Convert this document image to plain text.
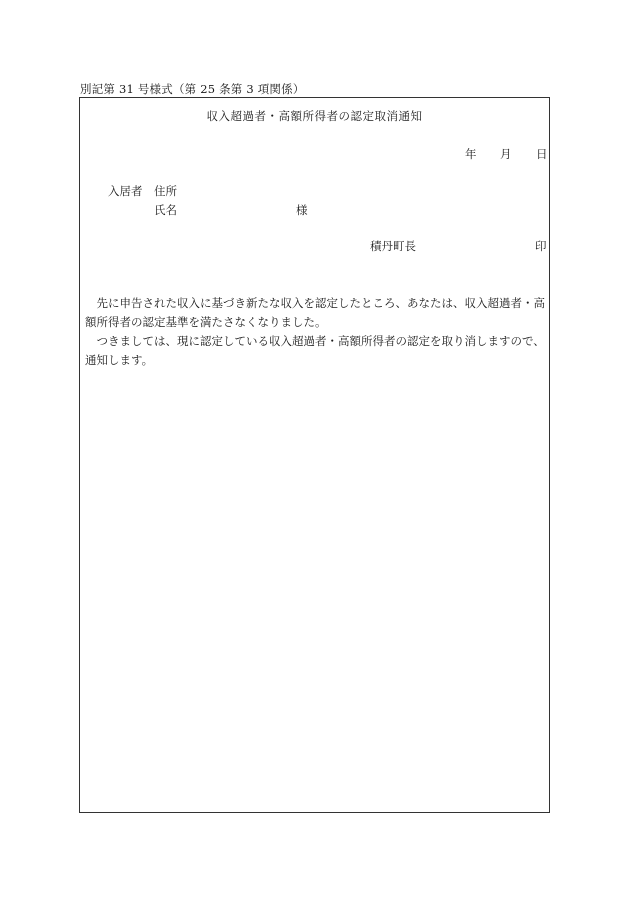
別記第 31 号様式（第 25 条第 3 項関係）
収入超過者・高額所得者の認定取消通知
年 月 日
入居者 住所
氏名	様
積丹町長	印

先に申告された収入に基づき新たな収入を認定したところ、あなたは、収入超過者・高額所得者の認定基準を満たさなくなりました。

つきましては、現に認定している収入超過者・高額所得者の認定を取り消しますので、通知します。
